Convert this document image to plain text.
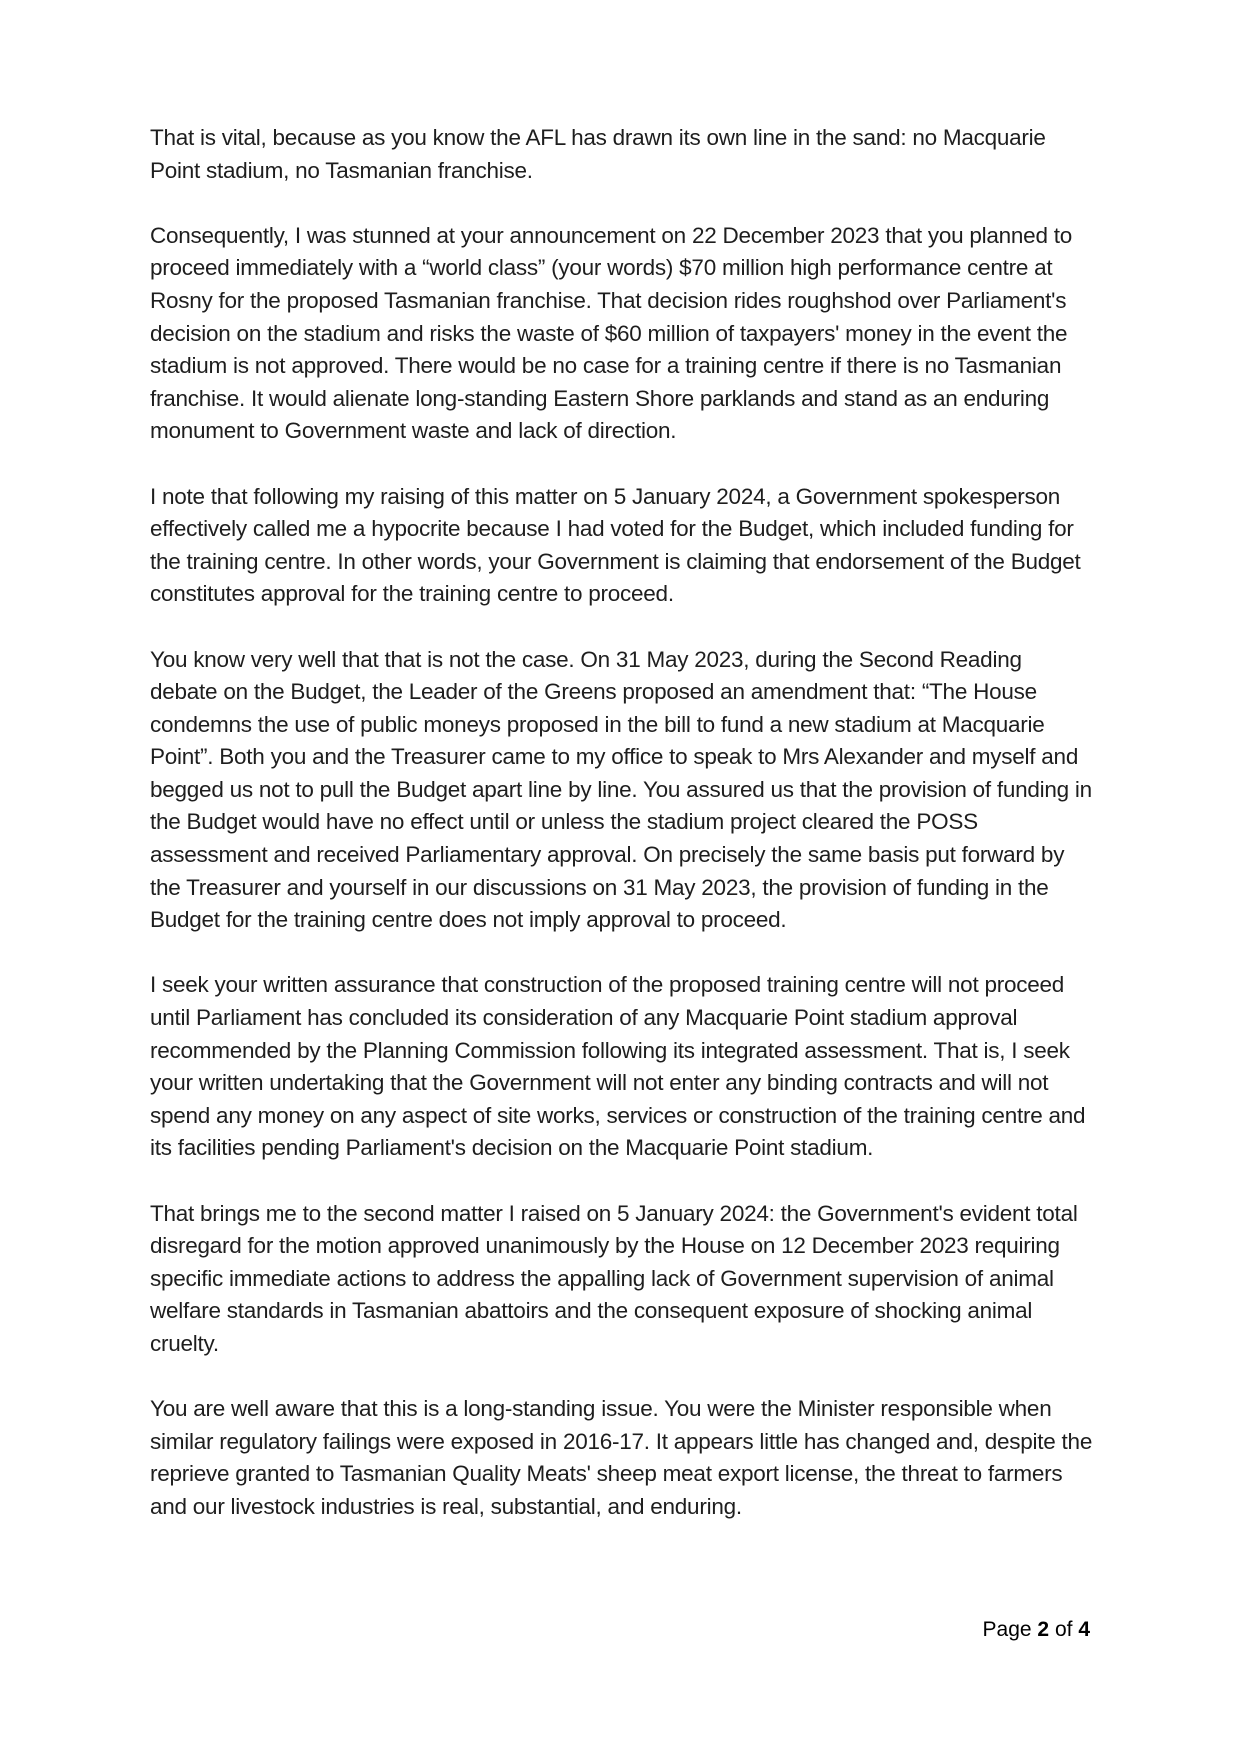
That is vital, because as you know the AFL has drawn its own line in the sand: no Macquarie Point stadium, no Tasmanian franchise.

Consequently, I was stunned at your announcement on 22 December 2023 that you planned to proceed immediately with a “world class” (your words) $70 million high performance centre at Rosny for the proposed Tasmanian franchise. That decision rides roughshod over Parliament's decision on the stadium and risks the waste of $60 million of taxpayers' money in the event the stadium is not approved. There would be no case for a training centre if there is no Tasmanian franchise. It would alienate long-standing Eastern Shore parklands and stand as an enduring monument to Government waste and lack of direction.

I note that following my raising of this matter on 5 January 2024, a Government spokesperson effectively called me a hypocrite because I had voted for the Budget, which included funding for the training centre. In other words, your Government is claiming that endorsement of the Budget constitutes approval for the training centre to proceed.

You know very well that that is not the case. On 31 May 2023, during the Second Reading debate on the Budget, the Leader of the Greens proposed an amendment that: “The House condemns the use of public moneys proposed in the bill to fund a new stadium at Macquarie Point”. Both you and the Treasurer came to my office to speak to Mrs Alexander and myself and begged us not to pull the Budget apart line by line. You assured us that the provision of funding in the Budget would have no effect until or unless the stadium project cleared the POSS assessment and received Parliamentary approval. On precisely the same basis put forward by the Treasurer and yourself in our discussions on 31 May 2023, the provision of funding in the Budget for the training centre does not imply approval to proceed.

I seek your written assurance that construction of the proposed training centre will not proceed until Parliament has concluded its consideration of any Macquarie Point stadium approval recommended by the Planning Commission following its integrated assessment. That is, I seek your written undertaking that the Government will not enter any binding contracts and will not spend any money on any aspect of site works, services or construction of the training centre and its facilities pending Parliament's decision on the Macquarie Point stadium.

That brings me to the second matter I raised on 5 January 2024: the Government's evident total disregard for the motion approved unanimously by the House on 12 December 2023 requiring specific immediate actions to address the appalling lack of Government supervision of animal welfare standards in Tasmanian abattoirs and the consequent exposure of shocking animal cruelty.

You are well aware that this is a long-standing issue. You were the Minister responsible when similar regulatory failings were exposed in 2016-17. It appears little has changed and, despite the reprieve granted to Tasmanian Quality Meats' sheep meat export license, the threat to farmers and our livestock industries is real, substantial, and enduring.

Page 2 of 4
